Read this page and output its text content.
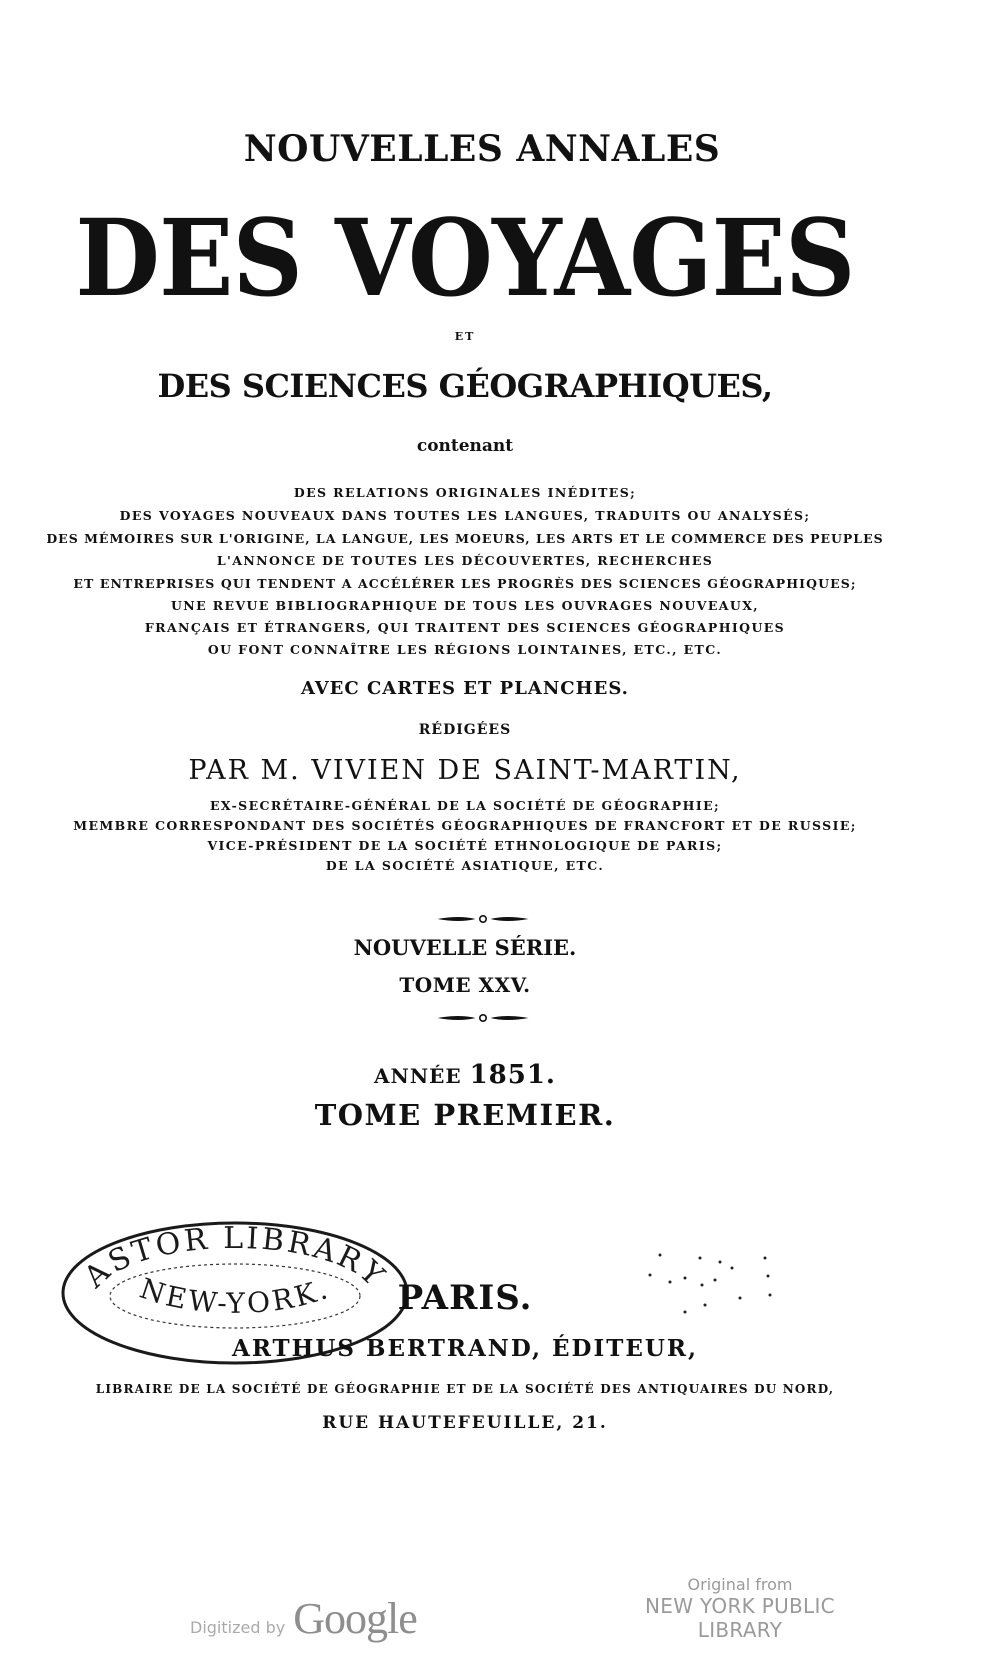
NOUVELLES ANNALES
DES VOYAGES
ET
DES SCIENCES GÉOGRAPHIQUES,
contenant
DES RELATIONS ORIGINALES INÉDITES;
DES VOYAGES NOUVEAUX DANS TOUTES LES LANGUES, TRADUITS OU ANALYSÉS;
DES MÉMOIRES SUR L'ORIGINE, LA LANGUE, LES MOEURS, LES ARTS ET LE COMMERCE DES PEUPLES
L'ANNONCE DE TOUTES LES DÉCOUVERTES, RECHERCHES
ET ENTREPRISES QUI TENDENT A ACCÉLÉRER LES PROGRÈS DES SCIENCES GÉOGRAPHIQUES;
UNE REVUE BIBLIOGRAPHIQUE DE TOUS LES OUVRAGES NOUVEAUX,
FRANÇAIS ET ÉTRANGERS, QUI TRAITENT DES SCIENCES GÉOGRAPHIQUES
OU FONT CONNAÎTRE LES RÉGIONS LOINTAINES, ETC., ETC.
AVEC CARTES ET PLANCHES.
RÉDIGÉES
PAR M. VIVIEN DE SAINT-MARTIN,
EX-SECRÉTAIRE-GÉNÉRAL DE LA SOCIÉTÉ DE GÉOGRAPHIE;
MEMBRE CORRESPONDANT DES SOCIÉTÉS GÉOGRAPHIQUES DE FRANCFORT ET DE RUSSIE;
VICE-PRÉSIDENT DE LA SOCIÉTÉ ETHNOLOGIQUE DE PARIS;
DE LA SOCIÉTÉ ASIATIQUE, ETC.
NOUVELLE SÉRIE.
TOME XXV.
ANNÉE 1851.
TOME PREMIER.
ASTOR LIBRARY
NEW-YORK.	PARIS.
ARTHUS BERTRAND, ÉDITEUR,
LIBRAIRE DE LA SOCIÉTÉ DE GÉOGRAPHIE ET DE LA SOCIÉTÉ DES ANTIQUAIRES DU NORD,
RUE HAUTEFEUILLE, 21.
Digitized by Google
Original from
NEW YORK PUBLIC LIBRARY
